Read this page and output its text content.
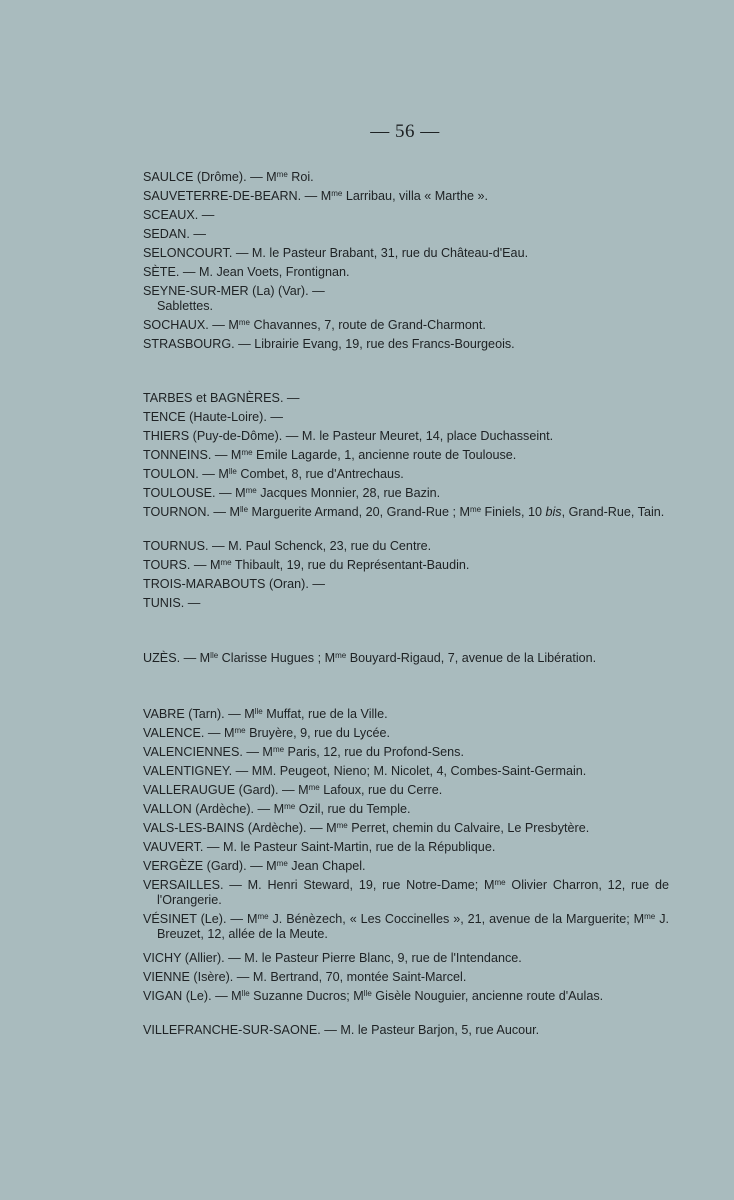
— 56 —
SAULCE (Drôme). — $M^{me}$ Roi.
SAUVETERRE-DE-BEARN. — $M^{me}$ Larribau, villa « Marthe ».
SCEAUX. —
SEDAN. —
SELONCOURT. — M. le Pasteur Brabant, 31, rue du Château-d'Eau.
SÈTE. — M. Jean Voets, Frontignan.
SEYNE-SUR-MER (La) (Var). —
Sablettes.
SOCHAUX. — $M^{me}$ Chavannes, 7, route de Grand-Charmont.
STRASBOURG. — Librairie Evang, 19, rue des Francs-Bourgeois.
TARBES et BAGNÈRES. —
TENCE (Haute-Loire). —
THIERS (Puy-de-Dôme). — M. le Pasteur Meuret, 14, place Duchasseint.
TONNEINS. — $M^{me}$ Emile Lagarde, 1, ancienne route de Toulouse.
TOULON. — $M^{lle}$ Combet, 8, rue d'Antrechaus.
TOULOUSE. — $M^{me}$ Jacques Monnier, 28, rue Bazin.
TOURNON. — $M^{lle}$ Marguerite Armand, 20, Grand-Rue ; $M^{me}$ Finiels, 10 bis, Grand-Rue, Tain.
TOURNUS. — M. Paul Schenck, 23, rue du Centre.
TOURS. — $M^{me}$ Thibault, 19, rue du Représentant-Baudin.
TROIS-MARABOUTS (Oran). —
TUNIS. —
UZÈS. — $M^{lle}$ Clarisse Hugues ; $M^{me}$ Bouyard-Rigaud, 7, avenue de la Libération.
VABRE (Tarn). — $M^{lle}$ Muffat, rue de la Ville.
VALENCE. — $M^{me}$ Bruyère, 9, rue du Lycée.
VALENCIENNES. — $M^{me}$ Paris, 12, rue du Profond-Sens.
VALENTIGNEY. — MM. Peugeot, Nieno; M. Nicolet, 4, Combes-Saint-Germain.
VALLERAUGUE (Gard). — $M^{me}$ Lafoux, rue du Cerre.
VALLON (Ardèche). — $M^{me}$ Ozil, rue du Temple.
VALS-LES-BAINS (Ardèche). — $M^{me}$ Perret, chemin du Calvaire, Le Presbytère.
VAUVERT. — M. le Pasteur Saint-Martin, rue de la République.
VERGÈZE (Gard). — $M^{me}$ Jean Chapel.
VERSAILLES. — M. Henri Steward, 19, rue Notre-Dame; $M^{me}$ Olivier Charron, 12, rue de l'Orangerie.
VÉSINET (Le). — $M^{me}$ J. Bénèzech, « Les Coccinelles », 21, avenue de la Marguerite; $M^{me}$ J. Breuzet, 12, allée de la Meute.
VICHY (Allier). — M. le Pasteur Pierre Blanc, 9, rue de l'Intendance.
VIENNE (Isère). — M. Bertrand, 70, montée Saint-Marcel.
VIGAN (Le). — $M^{lle}$ Suzanne Ducros; $M^{lle}$ Gisèle Nouguier, ancienne route d'Aulas.
VILLEFRANCHE-SUR-SAONE. — M. le Pasteur Barjon, 5, rue Aucour.
